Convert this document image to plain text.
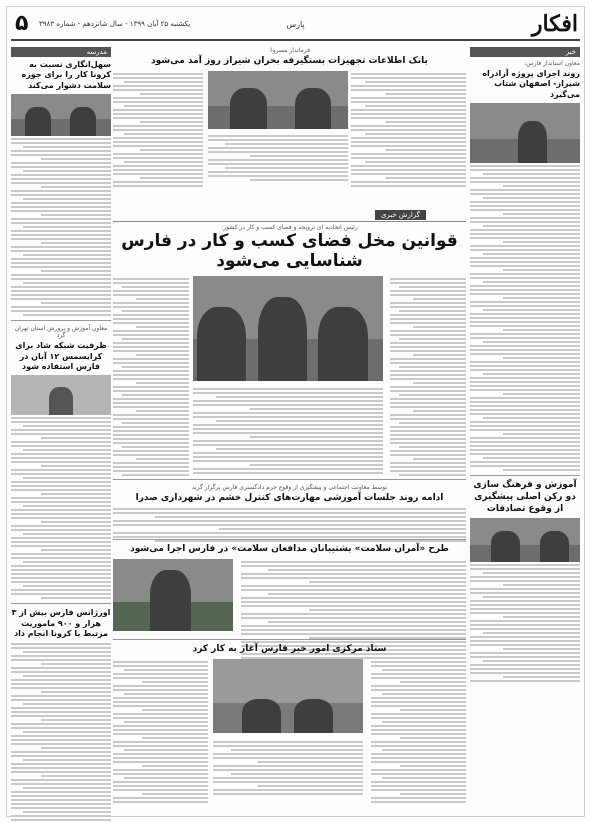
افکار
پارس
یکشنبه ۲۵ آبان ۱۳۹۹ - سال شانزدهم - شماره ۳۹۸۳
۵
خبر
معاون استاندار فارس:
روند اجرای پروژه آزادراه شیراز- اصفهان شتاب می‌گیرد
آموزش و فرهنگ سازی دو رکن اصلی پیشگیری از وقوع تصادفات
مدرسه
سهل‌انگاری نسبت به کرونا کار را برای جوزه سلامت دشوار می‌کند
معاون آموزش و پرورش استان تهران گرد
ظرفیت شبکه شاد برای کرایسمس ۱۲ آبان در فارس استفاده شود
اورژانس فارس بیش از ۳ هزار و ۹۰۰ ماموریت مرتبط با کرونا انجام داد
فرماندار مسروا:
بانک اطلاعات تجهیزات بستگیرفه بحران شیراز روز آمد می‌شود
گزارش خبری
رئیس اتحادیه ای ترویجه و فضای کسب و کار در کشور:
قوانین مخل فضای کسب و کار در فارس شناسایی می‌شود
توسط معاونت اجتماعی و پیشگیری از وقوع جرم دادگستری فارس برگزار گرید
ادامه روند جلسات آموزشی مهارت‌های کنترل خشم در شهرداری صدرا
طرح «آمران سلامت» بشتیبانان مدافعان سلامت» در فارس اجرا می‌شود
ستاد مرکزی امور خیر فارس آغاز به کار کرد
